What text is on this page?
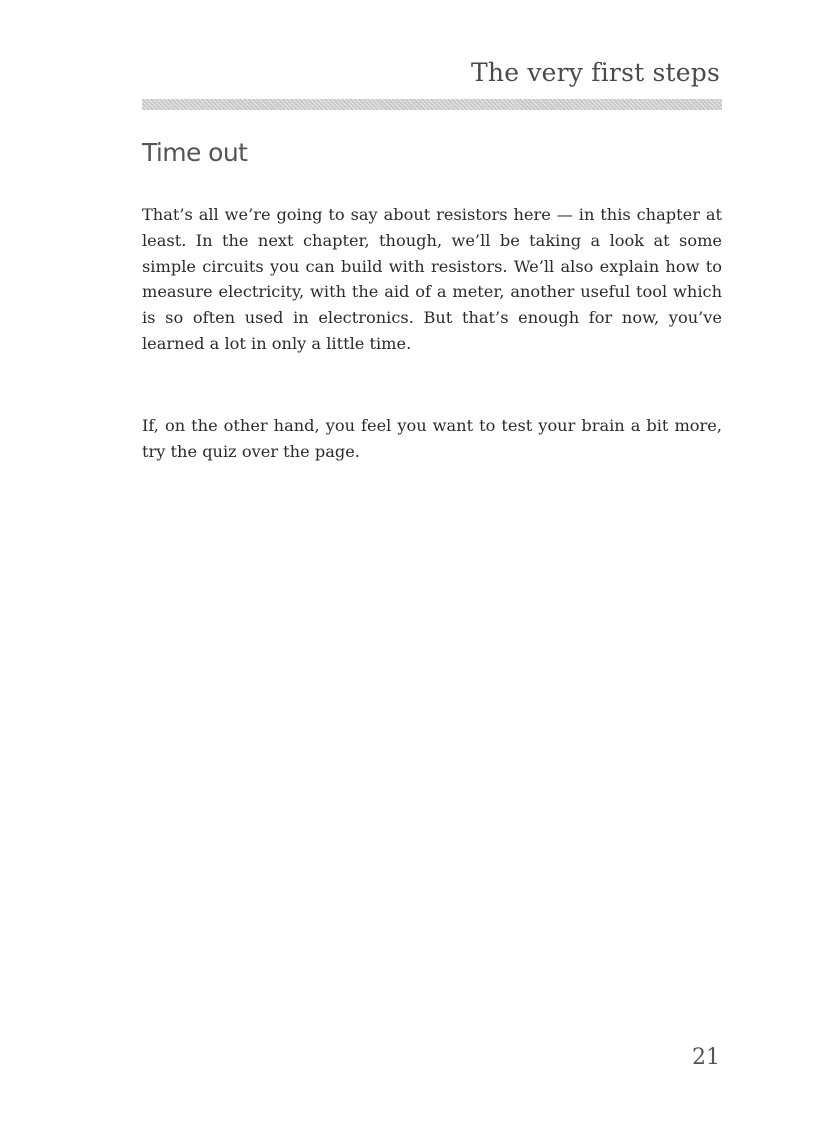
The very first steps
Time out

That’s all we’re going to say about resistors here — in this chapter at least. In the next chapter, though, we’ll be taking a look at some simple circuits you can build with resistors. We’ll also explain how to measure electricity, with the aid of a meter, another useful tool which is so often used in electronics. But that’s enough for now, you’ve learned a lot in only a little time.

If, on the other hand, you feel you want to test your brain a bit more, try the quiz over the page.

21
